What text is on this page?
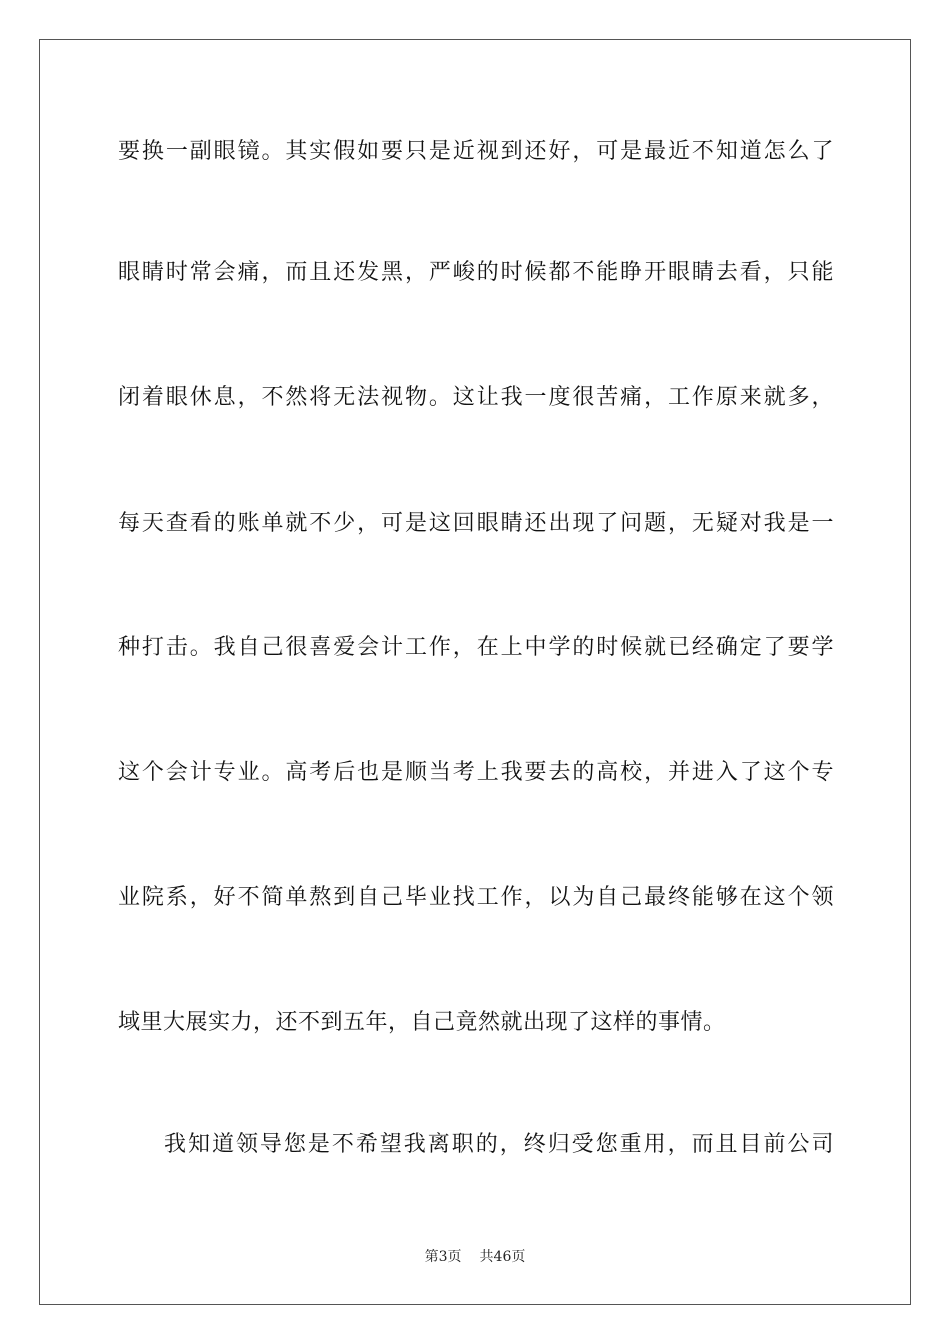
要换一副眼镜。其实假如要只是近视到还好，可是最近不知道怎么了
眼睛时常会痛，而且还发黑，严峻的时候都不能睁开眼睛去看，只能
闭着眼休息，不然将无法视物。这让我一度很苦痛，工作原来就多，
每天查看的账单就不少，可是这回眼睛还出现了问题，无疑对我是一
种打击。我自己很喜爱会计工作，在上中学的时候就已经确定了要学
这个会计专业。高考后也是顺当考上我要去的高校，并进入了这个专
业院系，好不简单熬到自己毕业找工作，以为自己最终能够在这个领
域里大展实力，还不到五年，自己竟然就出现了这样的事情。
我知道领导您是不希望我离职的，终归受您重用，而且目前公司
第3页 共46页
